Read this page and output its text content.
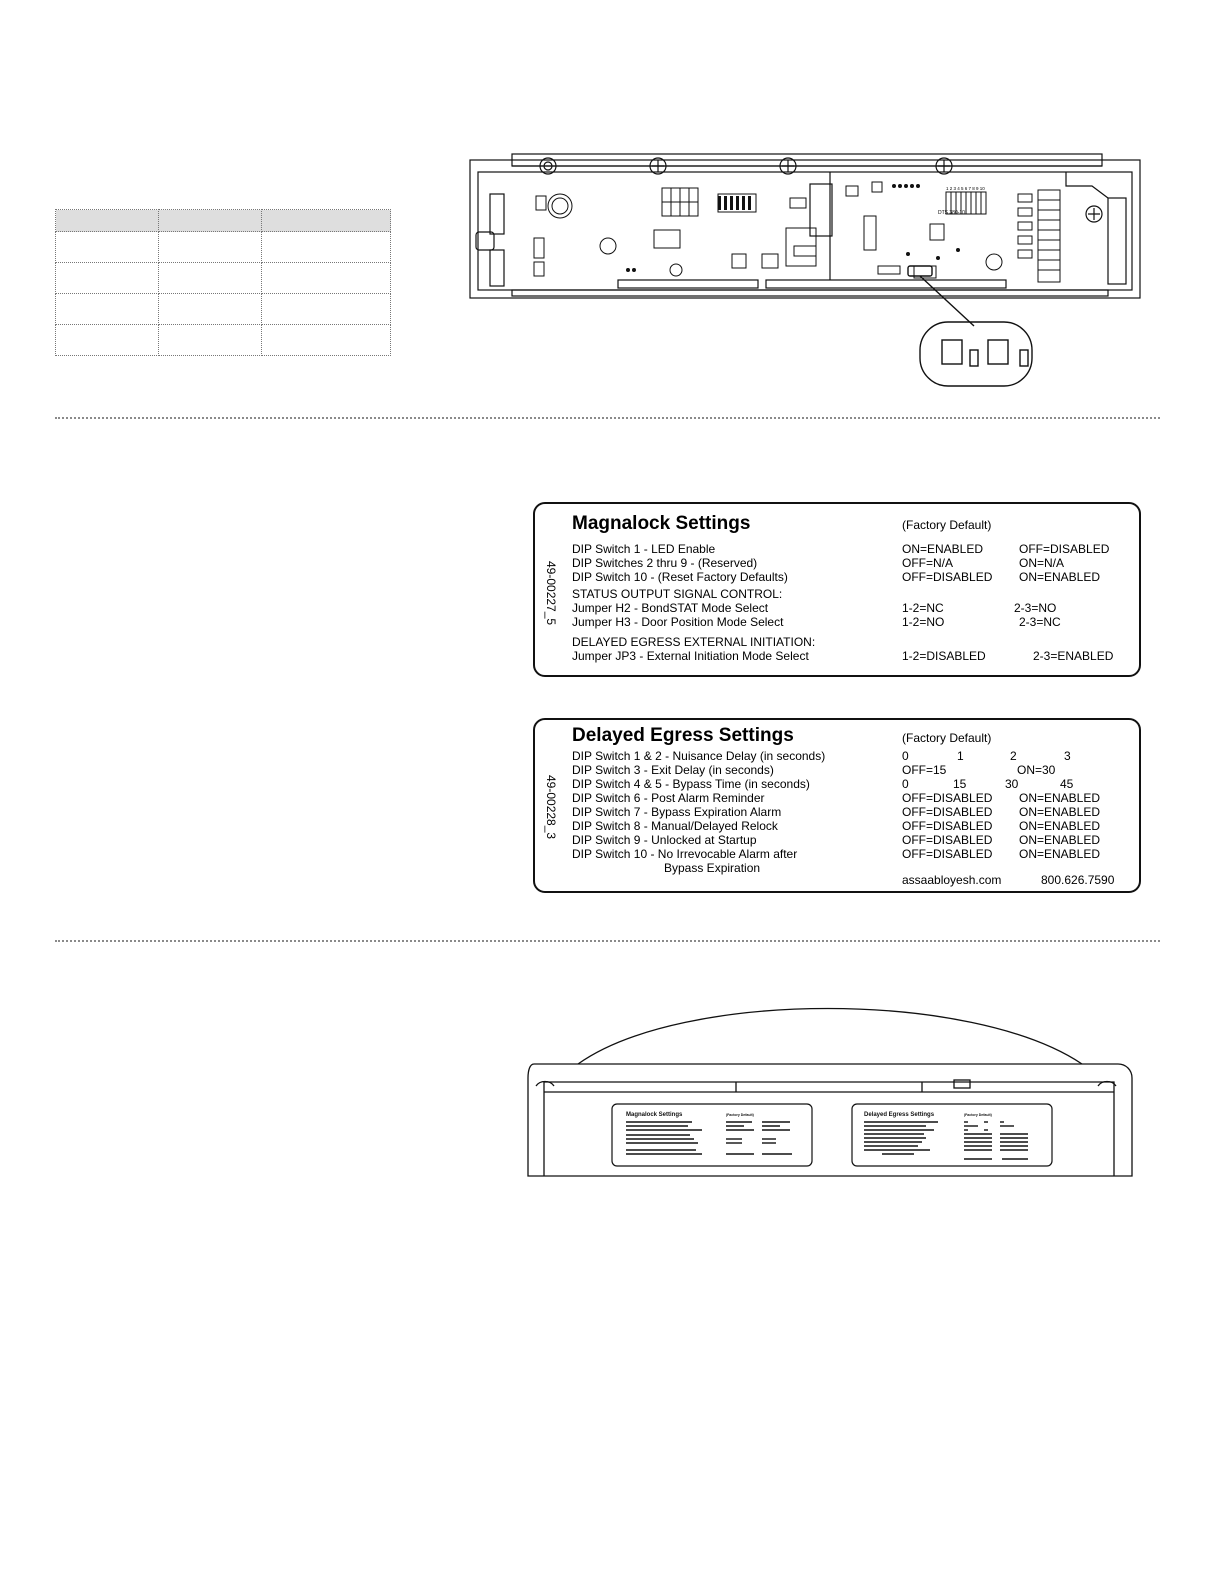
DTS 380-10
1 2 3 4 5 6 7 8 9 10
49-00227_5
Magnalock Settings	(Factory Default)
DIP Switch 1 - LED Enable	ON=ENABLED	OFF=DISABLED
DIP Switches 2 thru 9 - (Reserved)	OFF=N/A	ON=N/A
DIP Switch 10 - (Reset Factory Defaults)	OFF=DISABLED ON=ENABLED
STATUS OUTPUT SIGNAL CONTROL:
Jumper H2 - BondSTAT Mode Select	1-2=NC	2-3=NO
Jumper H3 - Door Position Mode Select	1-2=NO	2-3=NC
DELAYED EGRESS EXTERNAL INITIATION:
Jumper JP3 - External Initiation Mode Select	1-2=DISABLED	2-3=ENABLED
49-00228_3
Delayed Egress Settings	(Factory Default)
DIP Switch 1 & 2 - Nuisance Delay (in seconds)	0	1	2	3
DIP Switch 3 - Exit Delay (in seconds)	OFF=15	ON=30
DIP Switch 4 & 5 - Bypass Time (in seconds)	0	15	30	45
DIP Switch 6 - Post Alarm Reminder	OFF=DISABLED ON=ENABLED
DIP Switch 7 - Bypass Expiration Alarm	OFF=DISABLED ON=ENABLED
DIP Switch 8 - Manual/Delayed Relock	OFF=DISABLED ON=ENABLED
DIP Switch 9 - Unlocked at Startup	OFF=DISABLED ON=ENABLED
DIP Switch 10 - No Irrevocable Alarm after	OFF=DISABLED ON=ENABLED
Bypass Expiration
assaabloyesh.com	800.626.7590
Magnalock Settings	(Factory Default)	Delayed Egress Settings	(Factory Default)
